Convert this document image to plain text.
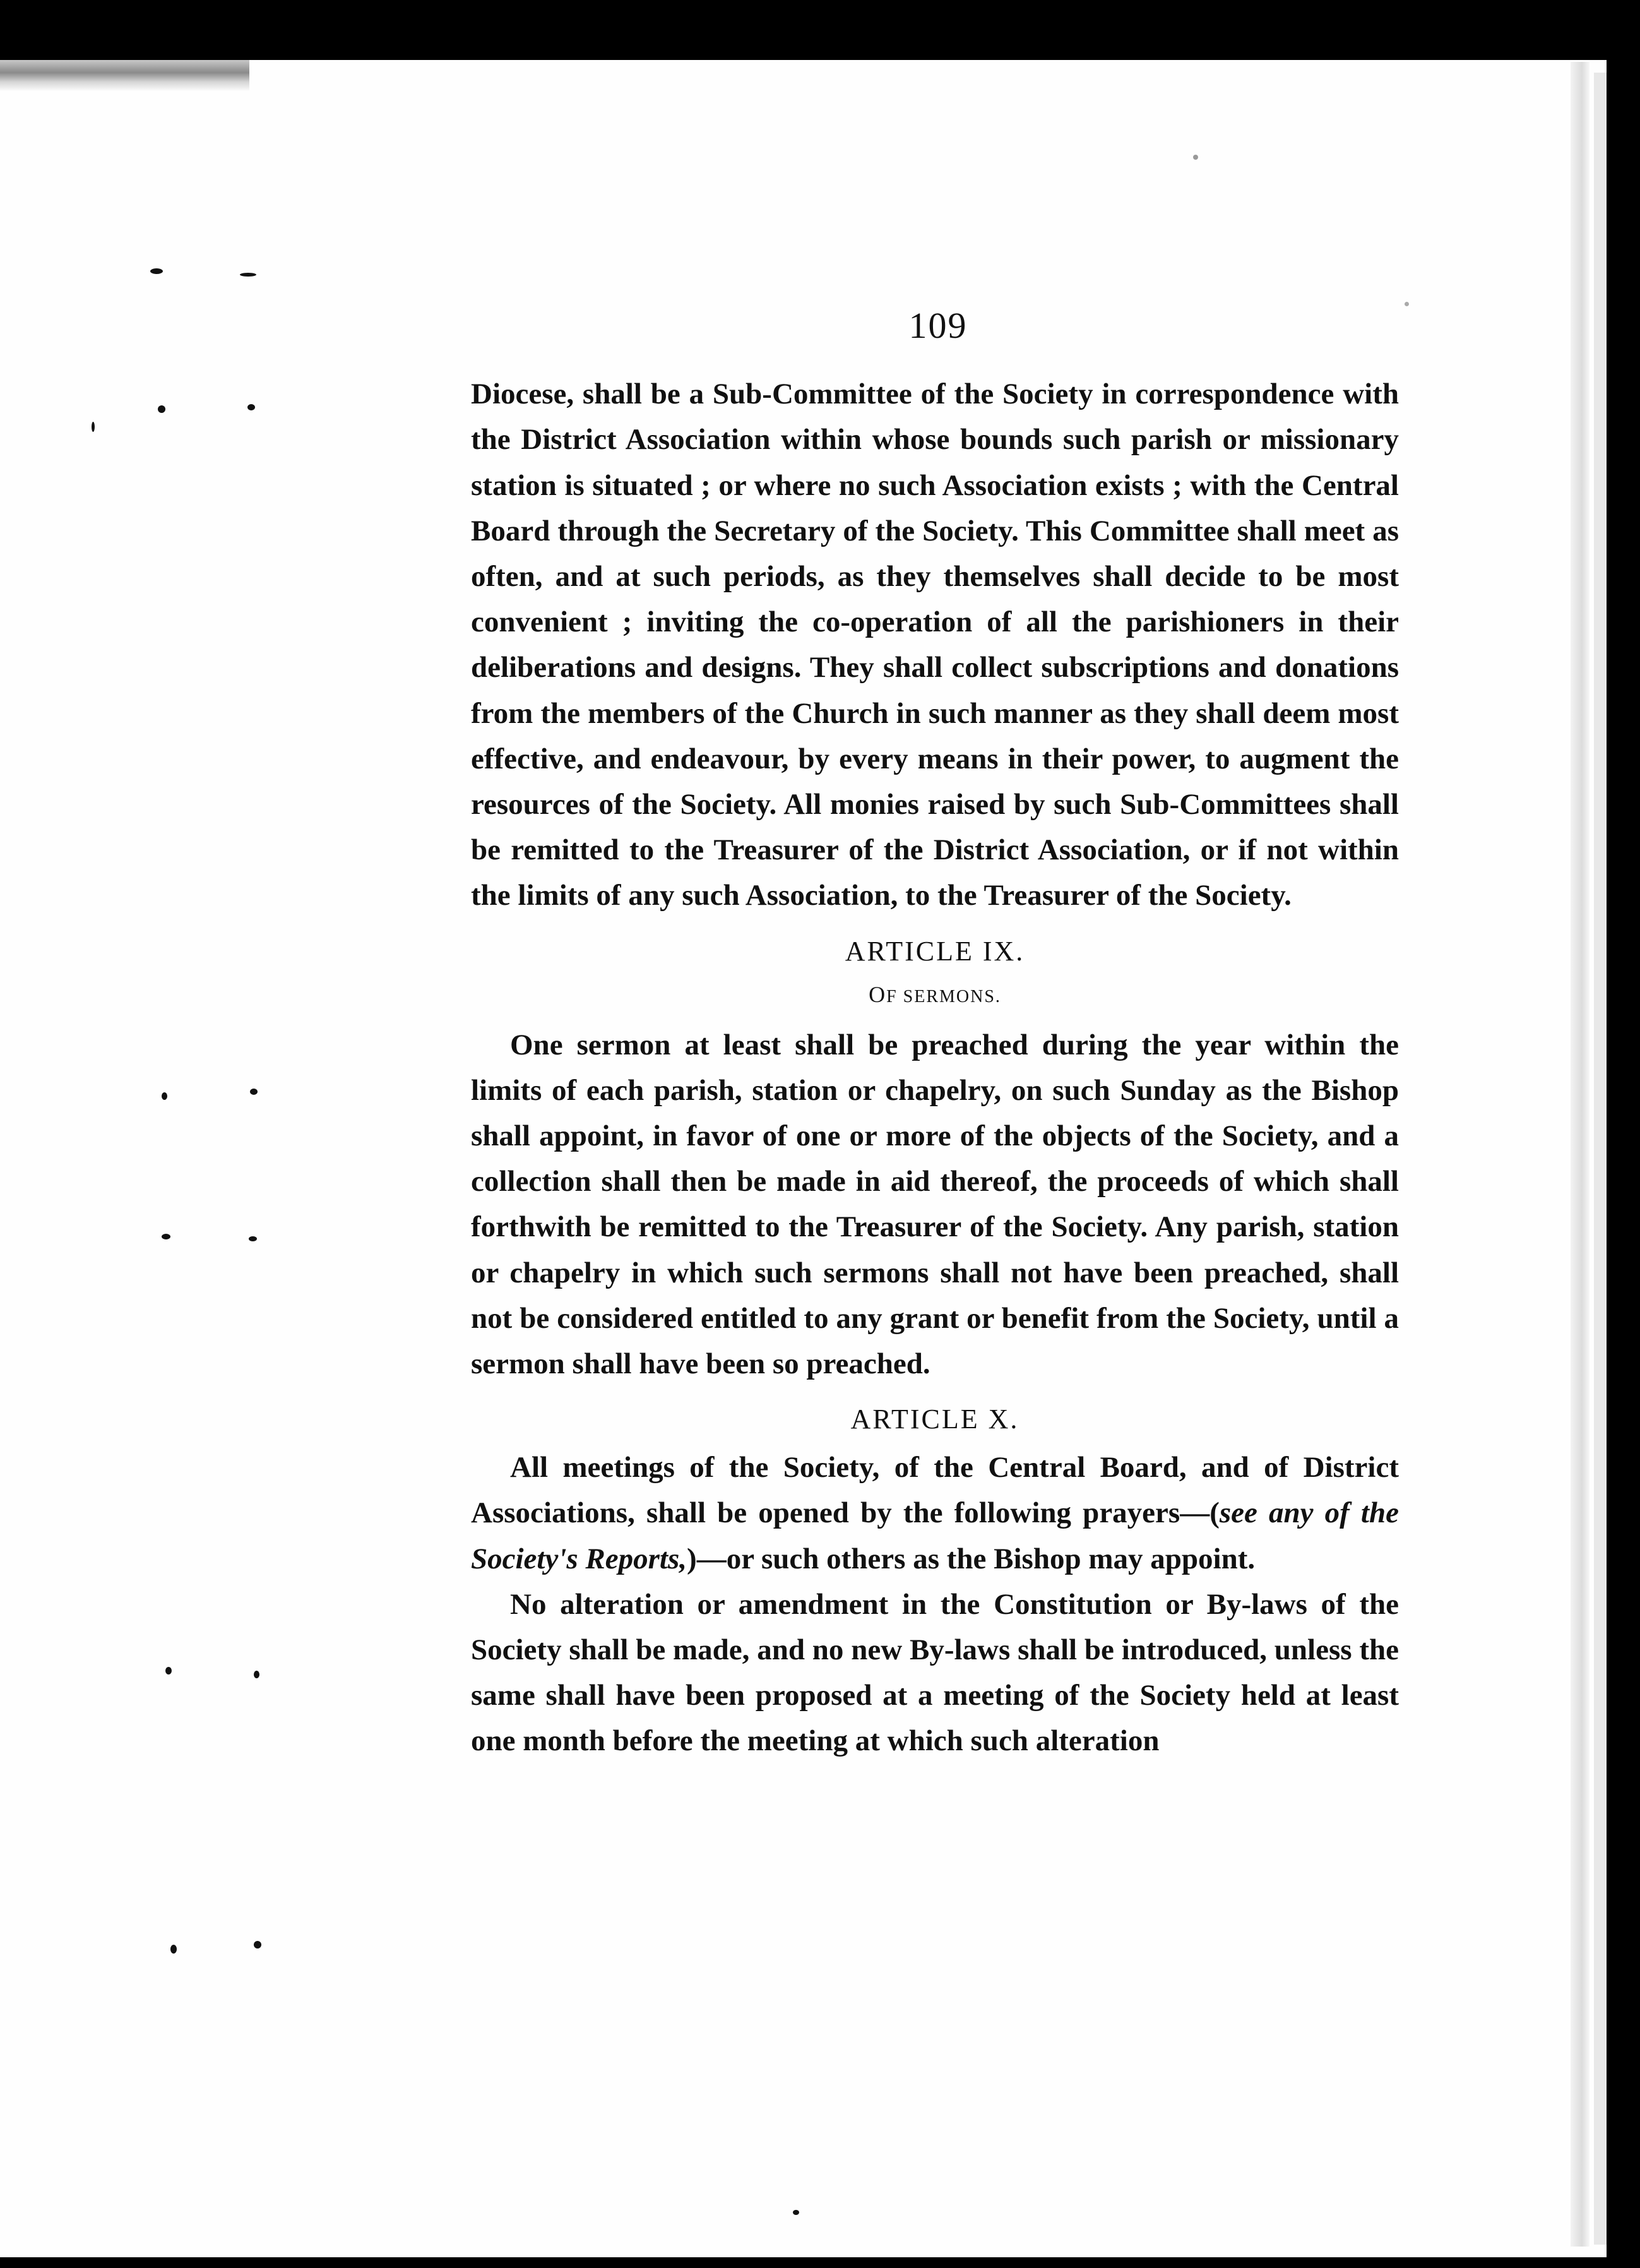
109

Diocese, shall be a Sub-Committee of the Society in correspondence with the District Association within whose bounds such parish or missionary station is situated ; or where no such Association exists ; with the Central Board through the Secretary of the Society. This Committee shall meet as often, and at such periods, as they themselves shall decide to be most convenient ; inviting the co-operation of all the parishioners in their deliberations and designs. They shall collect subscriptions and donations from the members of the Church in such manner as they shall deem most effective, and endeavour, by every means in their power, to augment the resources of the Society. All monies raised by such Sub-Committees shall be remitted to the Treasurer of the District Association, or if not within the limits of any such Association, to the Treasurer of the Society.

ARTICLE IX.
OF SERMONS.

One sermon at least shall be preached during the year within the limits of each parish, station or chapelry, on such Sunday as the Bishop shall appoint, in favor of one or more of the objects of the Society, and a collection shall then be made in aid thereof, the proceeds of which shall forthwith be remitted to the Treasurer of the Society. Any parish, station or chapelry in which such sermons shall not have been preached, shall not be considered entitled to any grant or benefit from the Society, until a sermon shall have been so preached.

ARTICLE X.

All meetings of the Society, of the Central Board, and of District Associations, shall be opened by the following prayers—(see any of the Society's Reports,)—or such others as the Bishop may appoint.

No alteration or amendment in the Constitution or By-laws of the Society shall be made, and no new By-laws shall be introduced, unless the same shall have been proposed at a meeting of the Society held at least one month before the meeting at which such alteration
